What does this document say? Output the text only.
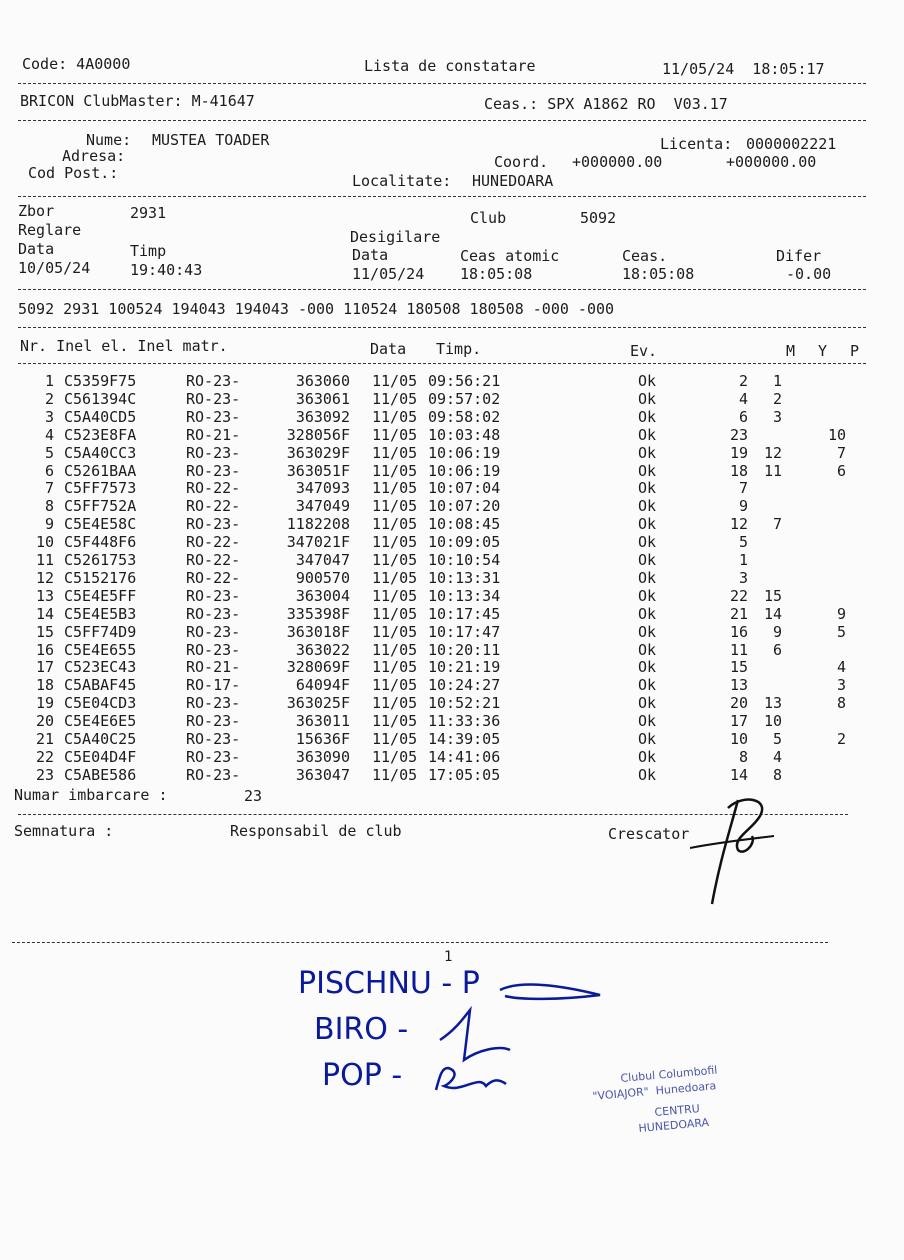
Code: 4A0000	Lista de constatare	11/05/24  18:05:17
BRICON ClubMaster: M-41647	Ceas.: SPX A1862 RO  V03.17
Nume: MUSTEA TOADER	Licenta: 0000002221
Adresa:	Coord. +000000.00	+000000.00
Cod Post.:	Localitate: HUNEDOARA
Zbor	2931	Club	5092
Reglare	Desigilare
Data	Timp	Data	Ceas atomic	Ceas.	Difer
10/05/24	19:40:43	11/05/24 18:05:08	18:05:08	-0.00
5092 2931 100524 194043 194043 -000 110524 180508 180508 -000 -000
Nr. Inel el. Inel matr.	Data Timp.	Ev.	M Y P
1 C5359F75	RO-23-	363060 11/05 09:56:21	Ok	2 1
2 C561394C	RO-23-	363061 11/05 09:57:02	Ok	4 2
3 C5A40CD5	RO-23-	363092 11/05 09:58:02	Ok	6 3
4 C523E8FA	RO-21-	328056F 11/05 10:03:48	Ok	23	10
5 C5A40CC3	RO-23-	363029F 11/05 10:06:19	Ok	19 12	7
6 C5261BAA	RO-23-	363051F 11/05 10:06:19	Ok	18 11	6
7 C5FF7573	RO-22-	347093 11/05 10:07:04	Ok	7
8 C5FF752A	RO-22-	347049 11/05 10:07:20	Ok	9
9 C5E4E58C	RO-23-	1182208 11/05 10:08:45	Ok	12 7
10 C5F448F6	RO-22-	347021F 11/05 10:09:05	Ok	5
11 C5261753	RO-22-	347047 11/05 10:10:54	Ok	1
12 C5152176	RO-22-	900570 11/05 10:13:31	Ok	3
13 C5E4E5FF	RO-23-	363004 11/05 10:13:34	Ok	22 15
14 C5E4E5B3	RO-23-	335398F 11/05 10:17:45	Ok	21 14	9
15 C5FF74D9	RO-23-	363018F 11/05 10:17:47	Ok	16 9	5
16 C5E4E655	RO-23-	363022 11/05 10:20:11	Ok	11 6
17 C523EC43	RO-21-	328069F 11/05 10:21:19	Ok	15	4
18 C5ABAF45	RO-17-	64094F 11/05 10:24:27	Ok	13	3
19 C5E04CD3	RO-23-	363025F 11/05 10:52:21	Ok	20 13	8
20 C5E4E6E5	RO-23-	363011 11/05 11:33:36	Ok	17 10
21 C5A40C25	RO-23-	15636F 11/05 14:39:05	Ok	10 5	2
22 C5E04D4F	RO-23-	363090 11/05 14:41:06	Ok	8 4
23 C5ABE586	RO-23-	363047 11/05 17:05:05	Ok	14 8
Numar imbarcare :	23
Semnatura :	Responsabil de club	Crescator
1
PISCHNU - P
BIRO -
POP -	Clubul Columbofil
"VOIAJOR"  Hunedoara
CENTRU
HUNEDOARA
